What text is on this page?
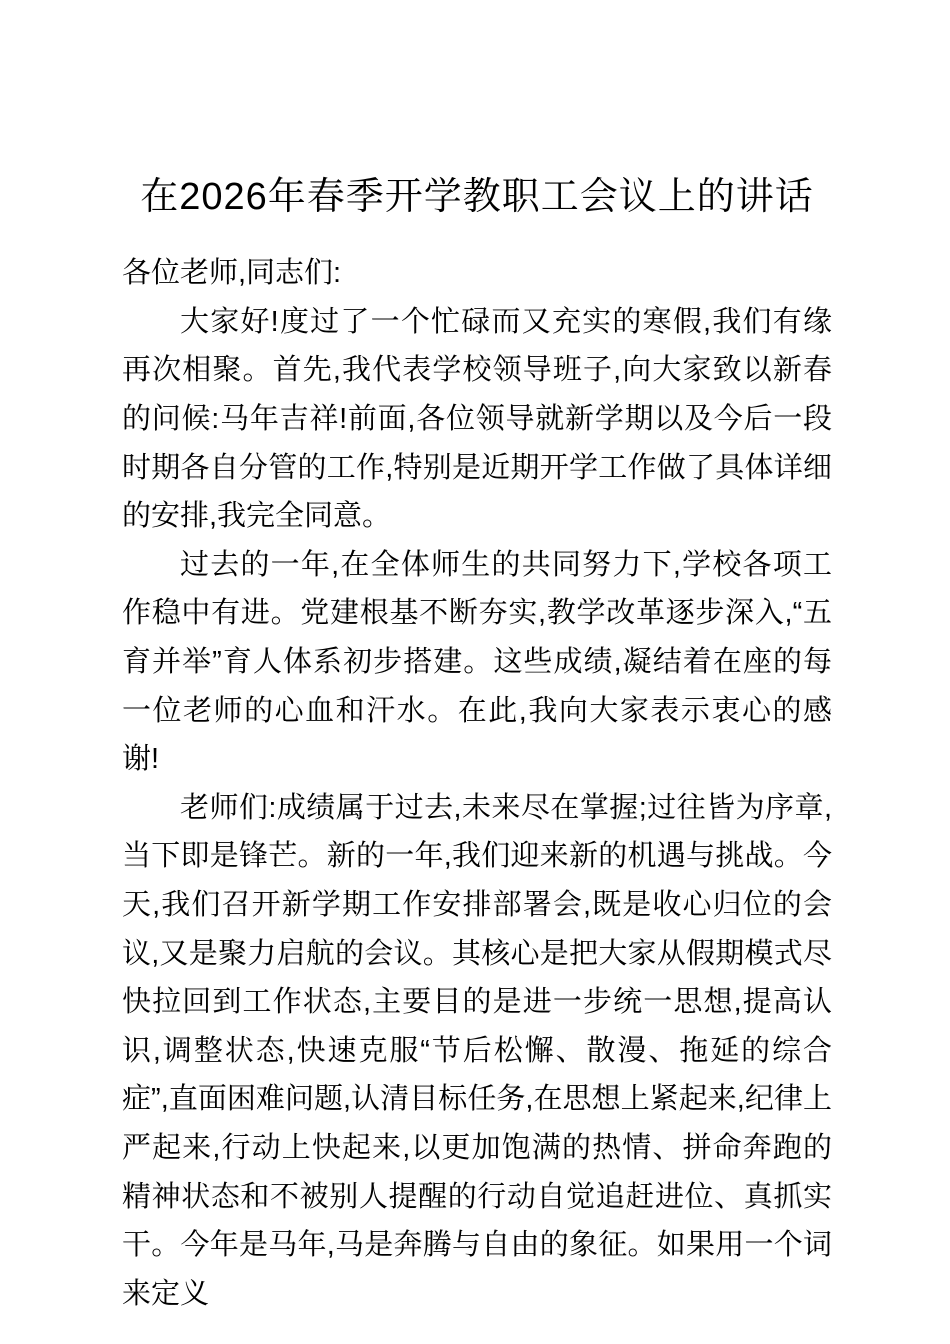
在2026年春季开学教职工会议上的讲话

各位老师,同志们:

大家好!度过了一个忙碌而又充实的寒假,我们有缘再次相聚。首先,我代表学校领导班子,向大家致以新春的问候:马年吉祥!前面,各位领导就新学期以及今后一段时期各自分管的工作,特别是近期开学工作做了具体详细的安排,我完全同意。

过去的一年,在全体师生的共同努力下,学校各项工作稳中有进。党建根基不断夯实,教学改革逐步深入,“五育并举”育人体系初步搭建。这些成绩,凝结着在座的每一位老师的心血和汗水。在此,我向大家表示衷心的感谢!

老师们:成绩属于过去,未来尽在掌握;过往皆为序章,当下即是锋芒。新的一年,我们迎来新的机遇与挑战。今天,我们召开新学期工作安排部署会,既是收心归位的会议,又是聚力启航的会议。其核心是把大家从假期模式尽快拉回到工作状态,主要目的是进一步统一思想,提高认识,调整状态,快速克服“节后松懈、散漫、拖延的综合症”,直面困难问题,认清目标任务,在思想上紧起来,纪律上严起来,行动上快起来,以更加饱满的热情、拼命奔跑的精神状态和不被别人提醒的行动自觉追赶进位、真抓实干。今年是马年,马是奔腾与自由的象征。如果用一个词来定义
